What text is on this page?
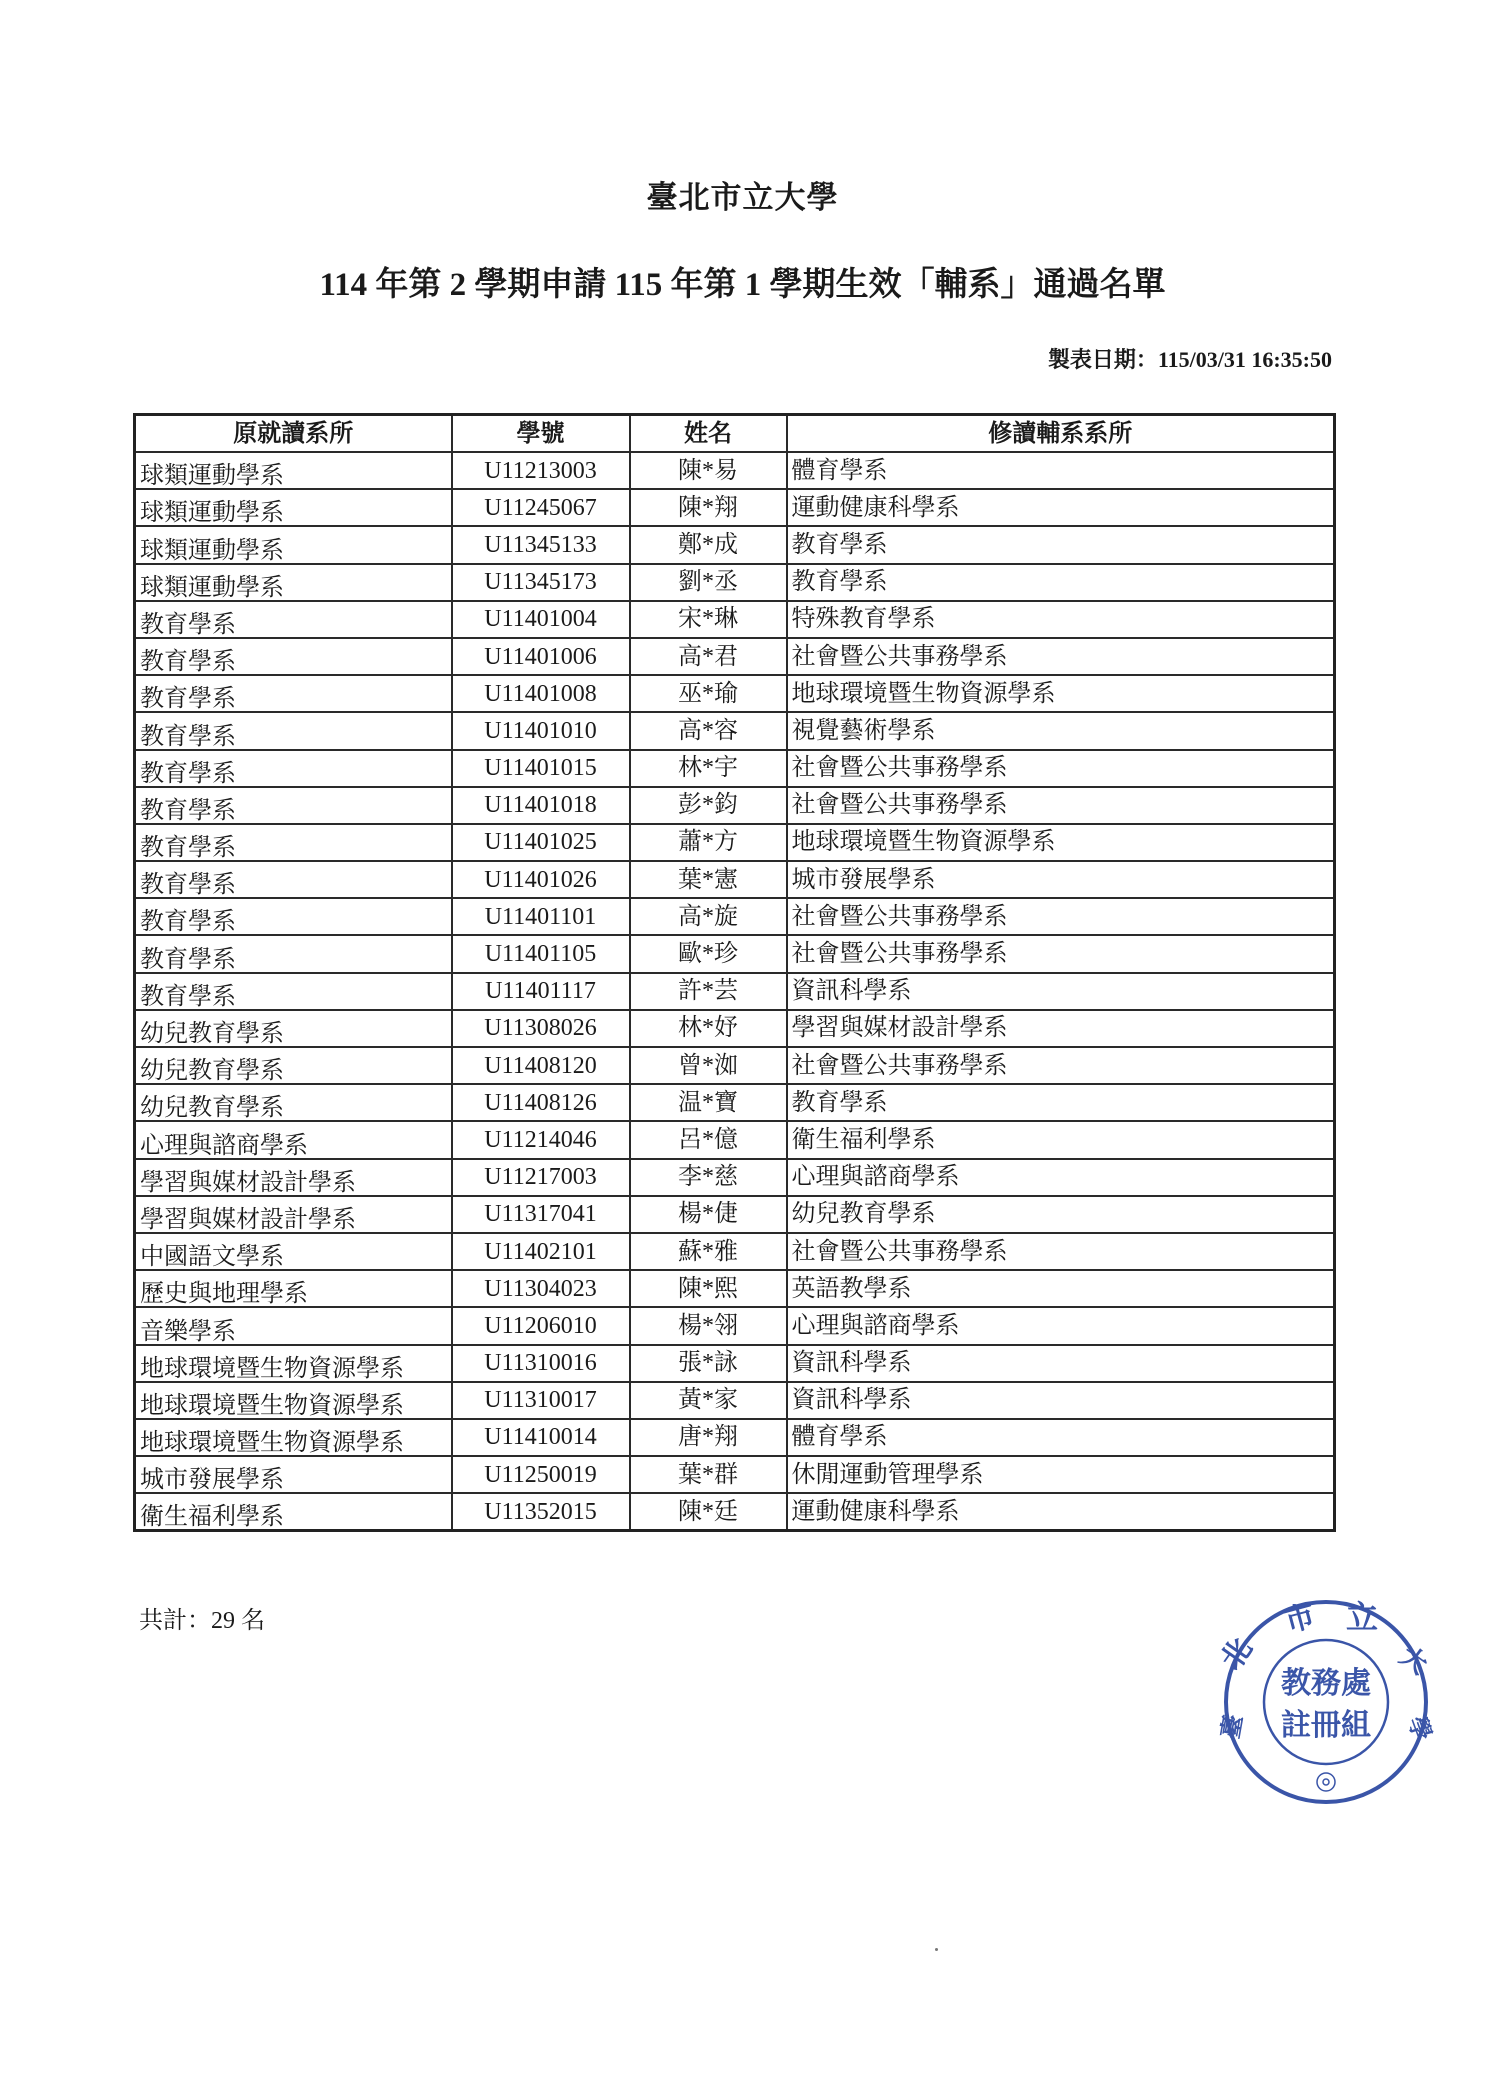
臺北市立大學
114 年第 2 學期申請 115 年第 1 學期生效「輔系」通過名單
製表日期：115/03/31 16:35:50
原就讀系所	學號	姓名	修讀輔系系所
球類運動學系	U11213003	陳*易	體育學系
球類運動學系	U11245067	陳*翔	運動健康科學系
球類運動學系	U11345133	鄭*成	教育學系
球類運動學系	U11345173	劉*丞	教育學系
教育學系	U11401004	宋*琳	特殊教育學系
教育學系	U11401006	高*君	社會暨公共事務學系
教育學系	U11401008	巫*瑜	地球環境暨生物資源學系
教育學系	U11401010	高*容	視覺藝術學系
教育學系	U11401015	林*宇	社會暨公共事務學系
教育學系	U11401018	彭*鈞	社會暨公共事務學系
教育學系	U11401025	蕭*方	地球環境暨生物資源學系
教育學系	U11401026	葉*憲	城市發展學系
教育學系	U11401101	高*旋	社會暨公共事務學系
教育學系	U11401105	歐*珍	社會暨公共事務學系
教育學系	U11401117	許*芸	資訊科學系
幼兒教育學系	U11308026	林*妤	學習與媒材設計學系
幼兒教育學系	U11408120	曾*洳	社會暨公共事務學系
幼兒教育學系	U11408126	温*寶	教育學系
心理與諮商學系	U11214046	呂*億	衛生福利學系
學習與媒材設計學系	U11217003	李*慈	心理與諮商學系
學習與媒材設計學系	U11317041	楊*倢	幼兒教育學系
中國語文學系	U11402101	蘇*雅	社會暨公共事務學系
歷史與地理學系	U11304023	陳*熙	英語教學系
音樂學系	U11206010	楊*翎	心理與諮商學系
地球環境暨生物資源學系	U11310016	張*詠	資訊科學系
地球環境暨生物資源學系	U11310017	黃*家	資訊科學系
地球環境暨生物資源學系	U11410014	唐*翔	體育學系
城市發展學系	U11250019	葉*群	休閒運動管理學系
衛生福利學系	U11352015	陳*廷	運動健康科學系
共計：29 名
臺
北
市 立
大
學
教務處
註冊組
